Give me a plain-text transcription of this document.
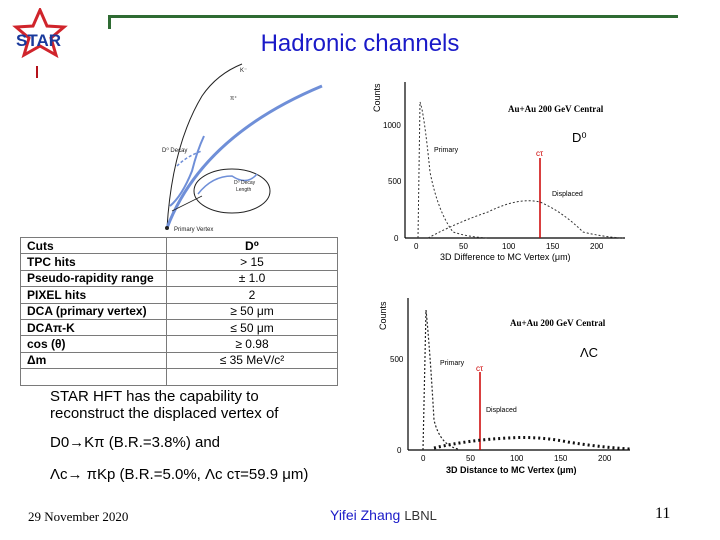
STAR	Hadronic channels
K⁻
π⁺
D⁰ Decay
D⁰ Decay
Length
Primary Vertex
Cuts	D⁰
TPC hits	> 15
Pseudo-rapidity range	± 1.0
PIXEL hits	2
DCA (primary vertex)	≥ 50 μm
DCAπ-K	≤ 50 μm
cos (θ)	≥ 0.98
Δm	≤ 35 MeV/c²

Counts
0
500
1000
0	50	100	150	200
3D Difference to MC Vertex (μm)
Au+Au 200 GeV Central
D⁰
Primary
Displaced
cτ
Counts
0
500
0	50	100	150	200
3D Distance to MC Vertex (μm)
Au+Au 200 GeV Central
ΛC
Primary
Displaced
cτ
STAR HFT has the capability to
reconstruct the displaced vertex of
D0→Kπ (B.R.=3.8%) and
Λc→ πKp (B.R.=5.0%, Λc cτ=59.9 μm)
29 November 2020	Yifei Zhang LBNL	11
